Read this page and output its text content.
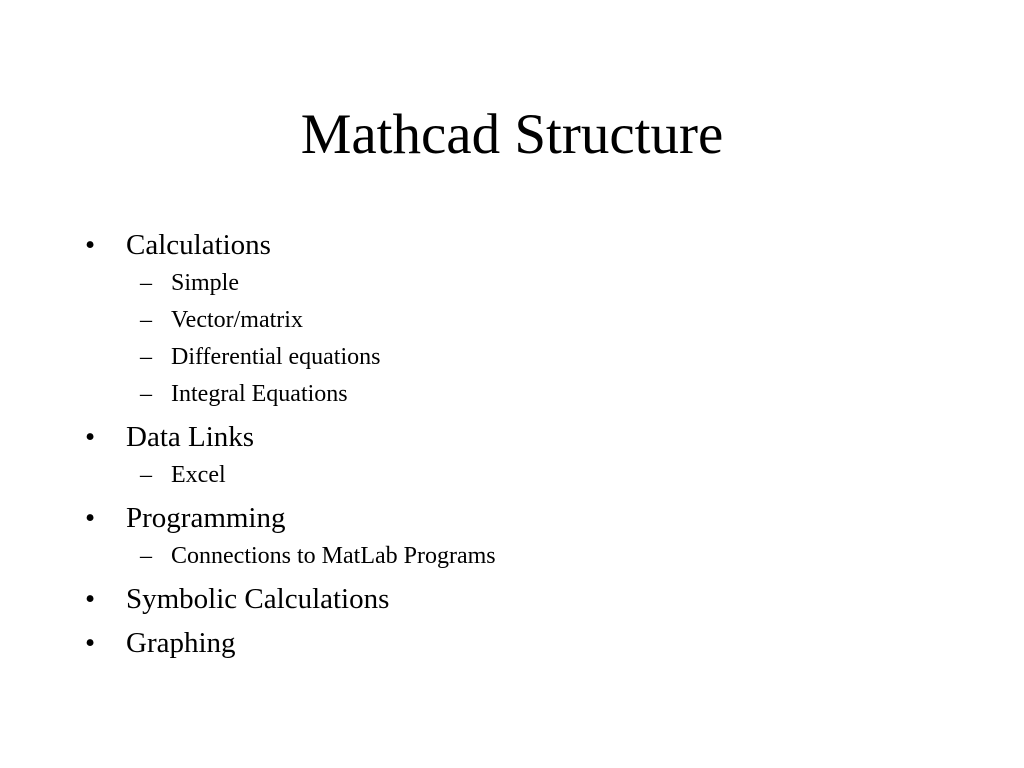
Mathcad Structure
• Calculations
– Simple
– Vector/matrix
– Differential equations
– Integral Equations
• Data Links
– Excel
• Programming
– Connections to MatLab Programs
• Symbolic Calculations
• Graphing
